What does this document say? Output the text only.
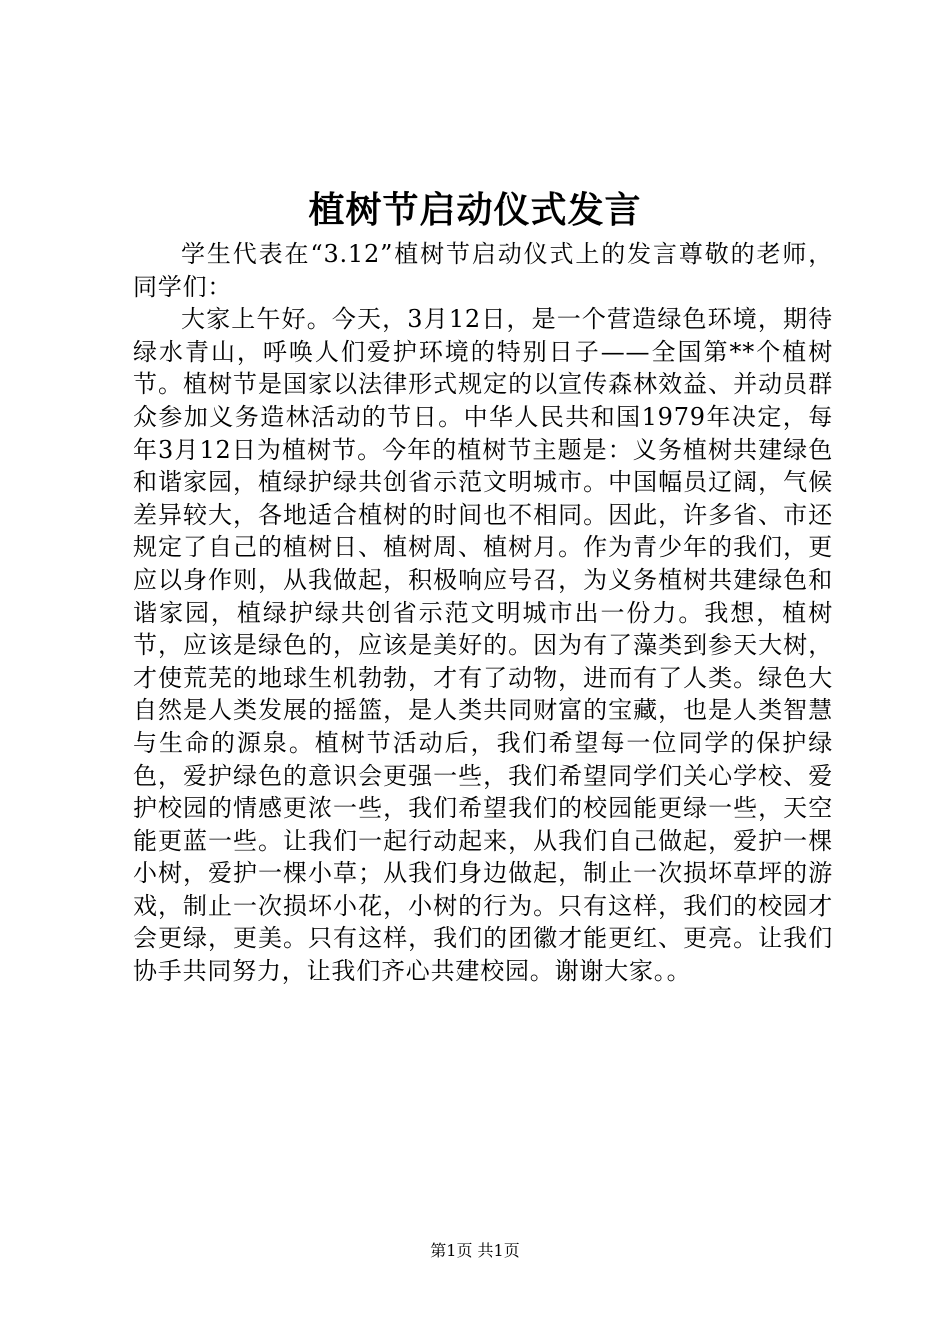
植树节启动仪式发言

学生代表在“3.12”植树节启动仪式上的发言尊敬的老师，同学们：

大家上午好。今天，3月12日，是一个营造绿色环境，期待绿水青山，呼唤人们爱护环境的特别日子——全国第**个植树节。植树节是国家以法律形式规定的以宣传森林效益、并动员群众参加义务造林活动的节日。中华人民共和国1979年决定，每年3月12日为植树节。今年的植树节主题是：义务植树共建绿色和谐家园，植绿护绿共创省示范文明城市。中国幅员辽阔，气候差异较大，各地适合植树的时间也不相同。因此，许多省、市还规定了自己的植树日、植树周、植树月。作为青少年的我们，更应以身作则，从我做起，积极响应号召，为义务植树共建绿色和谐家园，植绿护绿共创省示范文明城市出一份力。我想，植树节，应该是绿色的，应该是美好的。因为有了藻类到参天大树，才使荒芜的地球生机勃勃，才有了动物，进而有了人类。绿色大自然是人类发展的摇篮，是人类共同财富的宝藏，也是人类智慧与生命的源泉。植树节活动后，我们希望每一位同学的保护绿色，爱护绿色的意识会更强一些，我们希望同学们关心学校、爱护校园的情感更浓一些，我们希望我们的校园能更绿一些，天空能更蓝一些。让我们一起行动起来，从我们自己做起，爱护一棵小树，爱护一棵小草；从我们身边做起，制止一次损坏草坪的游戏，制止一次损坏小花，小树的行为。只有这样，我们的校园才会更绿，更美。只有这样，我们的团徽才能更红、更亮。让我们协手共同努力，让我们齐心共建校园。谢谢大家。。

第1页 共1页
